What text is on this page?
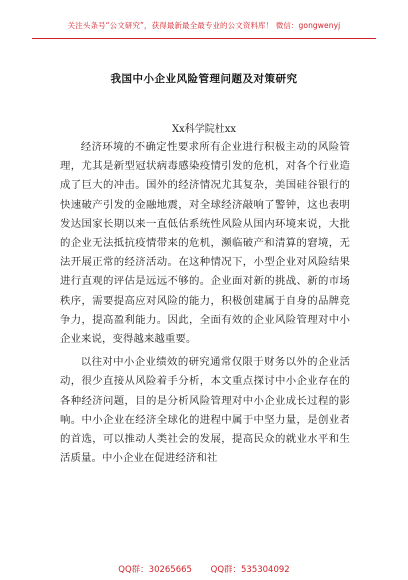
关注头条号“公文研究”，获得最新最全最专业的公文资料库！ 微信：gongwenyj
我国中小企业风险管理问题及对策研究
Xx科学院杜xx

经济环境的不确定性要求所有企业进行积极主动的风险管理，尤其是新型冠状病毒感染疫情引发的危机，对各个行业造成了巨大的冲击。国外的经济情况尤其复杂，美国硅谷银行的快速破产引发的金融地震，对全球经济敲响了警钟，这也表明发达国家长期以来一直低估系统性风险从国内环境来说，大批的企业无法抵抗疫情带来的危机，濒临破产和清算的窘境，无法开展正常的经济活动。在这种情况下，小型企业对风险结果进行直观的评估是远远不够的。企业面对新的挑战、新的市场秩序，需要提高应对风险的能力，积极创建属于自身的品牌竞争力，提高盈利能力。因此，全面有效的企业风险管理对中小企业来说，变得越来越重要。

以往对中小企业绩效的研究通常仅限于财务以外的企业活动，很少直接从风险着手分析，本文重点探讨中小企业存在的各种经济问题，目的是分析风险管理对中小企业成长过程的影响。中小企业在经济全球化的进程中属于中坚力量，是创业者的首选，可以推动人类社会的发展，提高民众的就业水平和生活质量。中小企业在促进经济和社

QQ群：30265665 QQ群：535304092
